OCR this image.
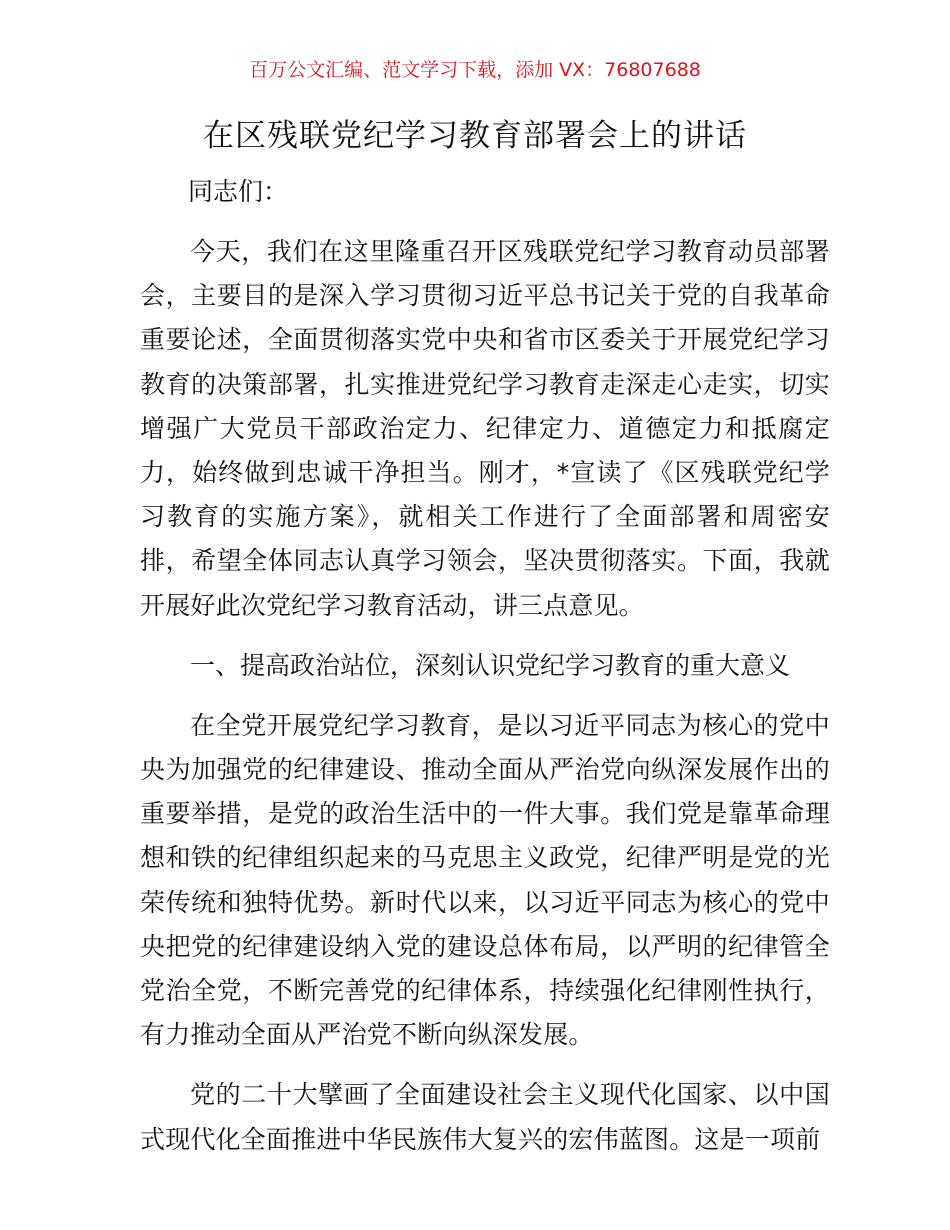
百万公文汇编、范文学习下载，添加 VX：76807688
在区残联党纪学习教育部署会上的讲话

同志们：

今天，我们在这里隆重召开区残联党纪学习教育动员部署会，主要目的是深入学习贯彻习近平总书记关于党的自我革命重要论述，全面贯彻落实党中央和省市区委关于开展党纪学习教育的决策部署，扎实推进党纪学习教育走深走心走实，切实增强广大党员干部政治定力、纪律定力、道德定力和抵腐定力，始终做到忠诚干净担当。刚才，*宣读了《区残联党纪学习教育的实施方案》，就相关工作进行了全面部署和周密安排，希望全体同志认真学习领会，坚决贯彻落实。下面，我就开展好此次党纪学习教育活动，讲三点意见。

一、提高政治站位，深刻认识党纪学习教育的重大意义

在全党开展党纪学习教育，是以习近平同志为核心的党中央为加强党的纪律建设、推动全面从严治党向纵深发展作出的重要举措，是党的政治生活中的一件大事。我们党是靠革命理想和铁的纪律组织起来的马克思主义政党，纪律严明是党的光荣传统和独特优势。新时代以来，以习近平同志为核心的党中央把党的纪律建设纳入党的建设总体布局，以严明的纪律管全党治全党，不断完善党的纪律体系，持续强化纪律刚性执行，有力推动全面从严治党不断向纵深发展。

党的二十大擘画了全面建设社会主义现代化国家、以中国式现代化全面推进中华民族伟大复兴的宏伟蓝图。这是一项前
